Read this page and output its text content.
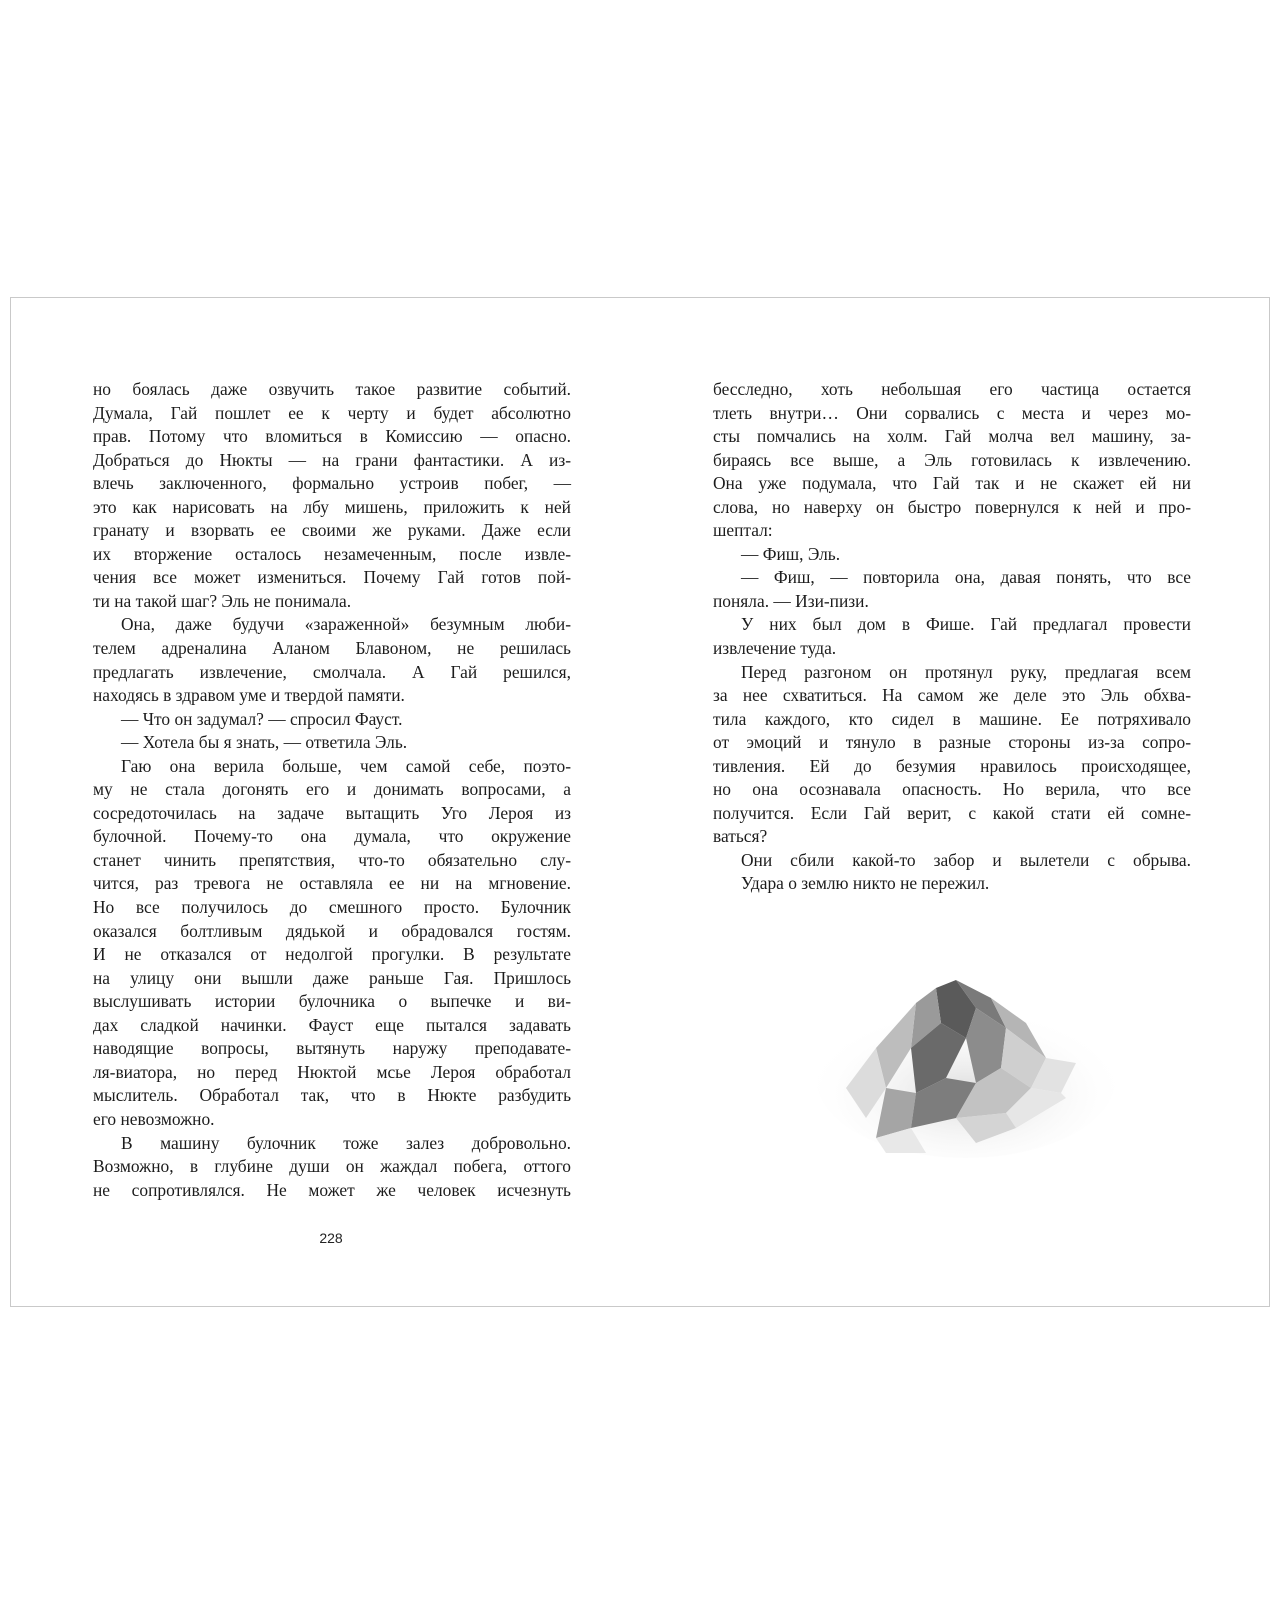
но боялась даже озвучить такое развитие событий.
Думала, Гай пошлет ее к черту и будет абсолютно
прав. Потому что вломиться в Комиссию — опасно.
Добраться до Нюкты — на грани фантастики. А из-
влечь заключенного, формально устроив побег, —
это как нарисовать на лбу мишень, приложить к ней
гранату и взорвать ее своими же руками. Даже если
их вторжение осталось незамеченным, после извле-
чения все может измениться. Почему Гай готов пой-
ти на такой шаг? Эль не понимала.
Она, даже будучи «зараженной» безумным люби-
телем адреналина Аланом Блавоном, не решилась
предлагать извлечение, смолчала. А Гай решился,
находясь в здравом уме и твердой памяти.
— Что он задумал? — спросил Фауст.
— Хотела бы я знать, — ответила Эль.
Гаю она верила больше, чем самой себе, поэто-
му не стала догонять его и донимать вопросами, а
сосредоточилась на задаче вытащить Уго Лероя из
булочной. Почему-то она думала, что окружение
станет чинить препятствия, что-то обязательно слу-
чится, раз тревога не оставляла ее ни на мгновение.
Но все получилось до смешного просто. Булочник
оказался болтливым дядькой и обрадовался гостям.
И не отказался от недолгой прогулки. В результате
на улицу они вышли даже раньше Гая. Пришлось
выслушивать истории булочника о выпечке и ви-
дах сладкой начинки. Фауст еще пытался задавать
наводящие вопросы, вытянуть наружу преподавате-
ля-виатора, но перед Нюктой мсье Лероя обработал
мыслитель. Обработал так, что в Нюкте разбудить
его невозможно.
В машину булочник тоже залез добровольно.
Возможно, в глубине души он жаждал побега, оттого
не сопротивлялся. Не может же человек исчезнуть
бесследно, хоть небольшая его частица остается
тлеть внутри… Они сорвались с места и через мо-
сты помчались на холм. Гай молча вел машину, за-
бираясь все выше, а Эль готовилась к извлечению.
Она уже подумала, что Гай так и не скажет ей ни
слова, но наверху он быстро повернулся к ней и про-
шептал:
— Фиш, Эль.
— Фиш, — повторила она, давая понять, что все
поняла. — Изи-пизи.
У них был дом в Фише. Гай предлагал провести
извлечение туда.
Перед разгоном он протянул руку, предлагая всем
за нее схватиться. На самом же деле это Эль обхва-
тила каждого, кто сидел в машине. Ее потряхивало
от эмоций и тянуло в разные стороны из-за сопро-
тивления. Ей до безумия нравилось происходящее,
но она осознавала опасность. Но верила, что все
получится. Если Гай верит, с какой стати ей сомне-
ваться?
Они сбили какой-то забор и вылетели с обрыва.
Удара о землю никто не пережил.
228
